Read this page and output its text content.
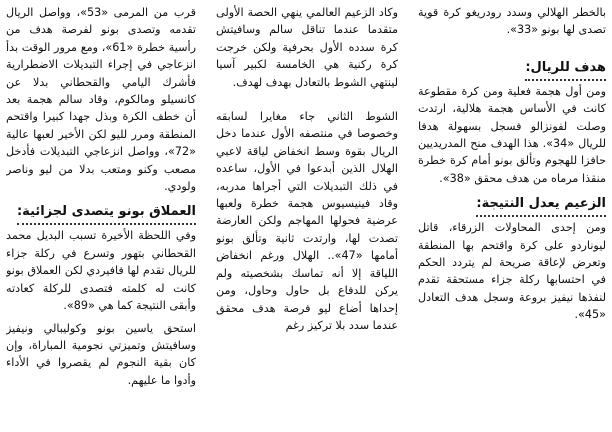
بالخطر الهلالي وسدد رودريغو كرة قوية تصدى لها بونو «33».

هدف للريال:

ومن أول هجمة فعلية ومن كرة مقطوعة كانت في الأساس هجمة هلالية، ارتدت وصلت لفونزالو فسجل بسهولة هدفا للريال «34». هذا الهدف منح المدريديين حافزا للهجوم وتألق بونو أمام كرة خطرة منقذا مرماه من هدف محقق «38».

الزعيم يعدل النتيجة:

ومن إحدى المحاولات الزرقاء، قاتل ليوناردو على كرة واقتحم بها المنطقة وتعرض لإعاقة صريحة لم يتردد الحكم في احتسابها ركلة جزاء مستحقة تقدم لنفذها نيفيز بروعة وسجل هدف التعادل «45».

وكاد الزعيم العالمي ينهي الحصة الأولى متقدما عندما تناقل سالم وسافيتش كرة سدده الأول بحرفية ولكن خرجت كرة ركنية هي الخامسة لكبير آسيا لينتهي الشوط بالتعادل بهدف لهدف.

الشوط الثاني جاء مغايرا لسابقه وخصوصا في منتصفه الأول عندما دخل الريال بقوة وسط انخفاض لياقة لاعبي الهلال الذين أبدعوا في الأول، ساعده في ذلك التبديلات التي أجراها مدربه، وقاد فينيسيوس هجمة خطرة ولعبها عرضية فحولها المهاجم ولكن العارضة تصدت لها، وارتدت ثانية وتألق بونو أمامها «47».. الهلال ورغم انخفاض اللياقة إلا أنه تماسك بشخصيته ولم يركن للدفاع بل حاول وحاول، ومن إحداها أضاع ليو فرصة هدف محقق عندما سدد بلا تركيز رغم

قرب من المرمى «53»، وواصل الريال تقدمه وتصدى بونو لفرصة هدف من رأسية خطرة «61»، ومع مرور الوقت بدأ انزعاجي في إجراء التبديلات الاضطرارية فأشرك اليامي والقحطاني بدلا عن كانسيلو ومالكوم، وقاد سالم هجمة بعد أن خطف الكرة وبذل جهدا كبيرا واقتحم المنطقة ومرر لليو لكن الأخير لعبها عالية «72»، وواصل انزعاجي التبديلات فأدخل مصعب وكنو ومتعب بدلا من ليو وناصر ولودي.

العملاق بونو يتصدى لجزائية:

وفي اللحظة الأخيرة تسبب البديل محمد القحطاني بتهور وتسرع في ركلة جزاء للريال تقدم لها فافيردي لكن العملاق بونو كانت له كلمته فتصدى للركلة كعادته وأبقى النتيجة كما هي «89».

استحق ياسين بونو وكوليبالي ونيفيز وسافيتش وتميزتي نجومية المباراة، وإن كان بقية النجوم لم يقصروا في الأداء وأدوا ما عليهم.
